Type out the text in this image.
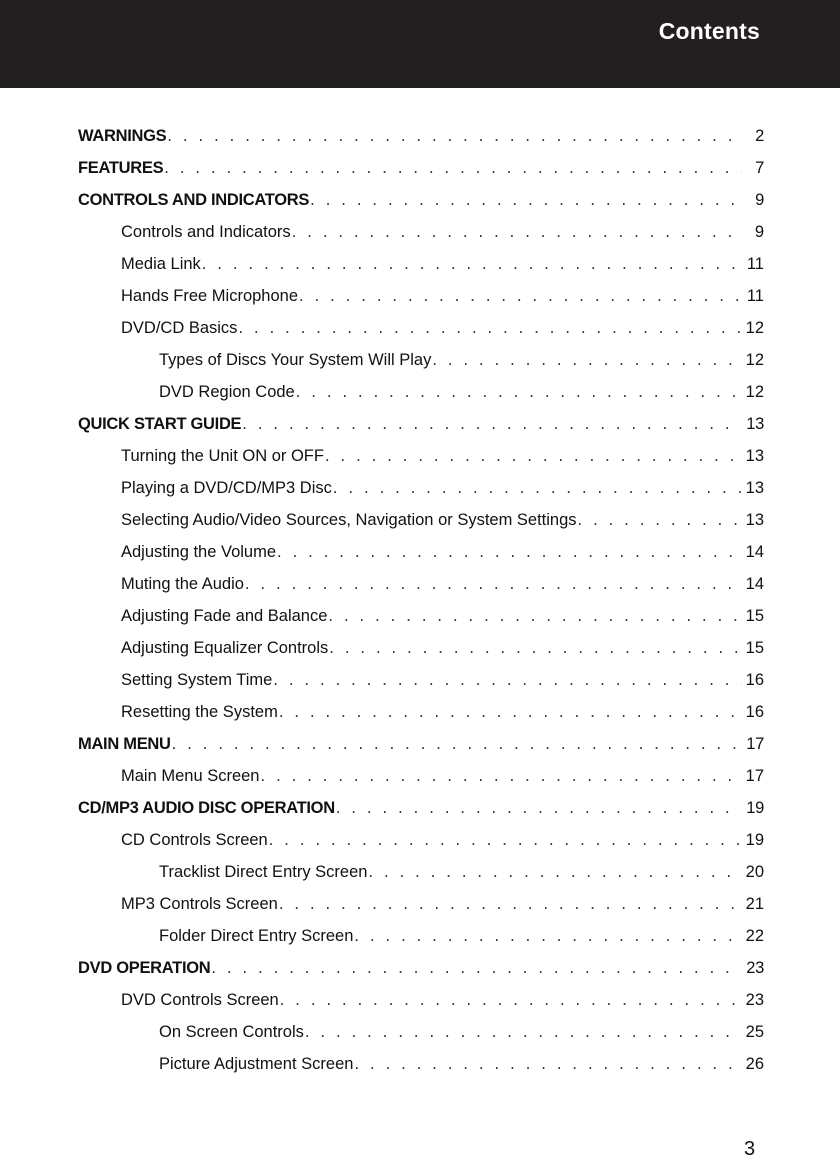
Contents
WARNINGS . . .	2
FEATURES . . .	7
CONTROLS AND INDICATORS . . .	9
Controls and Indicators . . .	9
Media Link . . .	11
Hands Free Microphone . . .	11
DVD/CD Basics . . .	12
Types of Discs Your System Will Play . . .	12
DVD Region Code . . .	12
QUICK START GUIDE . . .	13
Turning the Unit ON or OFF . . .	13
Playing a DVD/CD/MP3 Disc . . .	13
Selecting Audio/Video Sources, Navigation or System Settings . . .	13
Adjusting the Volume . . .	14
Muting the Audio . . .	14
Adjusting Fade and Balance . . .	15
Adjusting Equalizer Controls . . .	15
Setting System Time . . .	16
Resetting the System . . .	16
MAIN MENU . . .	17
Main Menu Screen . . .	17
CD/MP3 AUDIO DISC OPERATION . . .	19
CD Controls Screen . . .	19
Tracklist Direct Entry Screen . . .	20
MP3 Controls Screen . . .	21
Folder Direct Entry Screen . . .	22
DVD OPERATION . . .	23
DVD Controls Screen . . .	23
On Screen Controls . . .	25
Picture Adjustment Screen . . .	26
3
